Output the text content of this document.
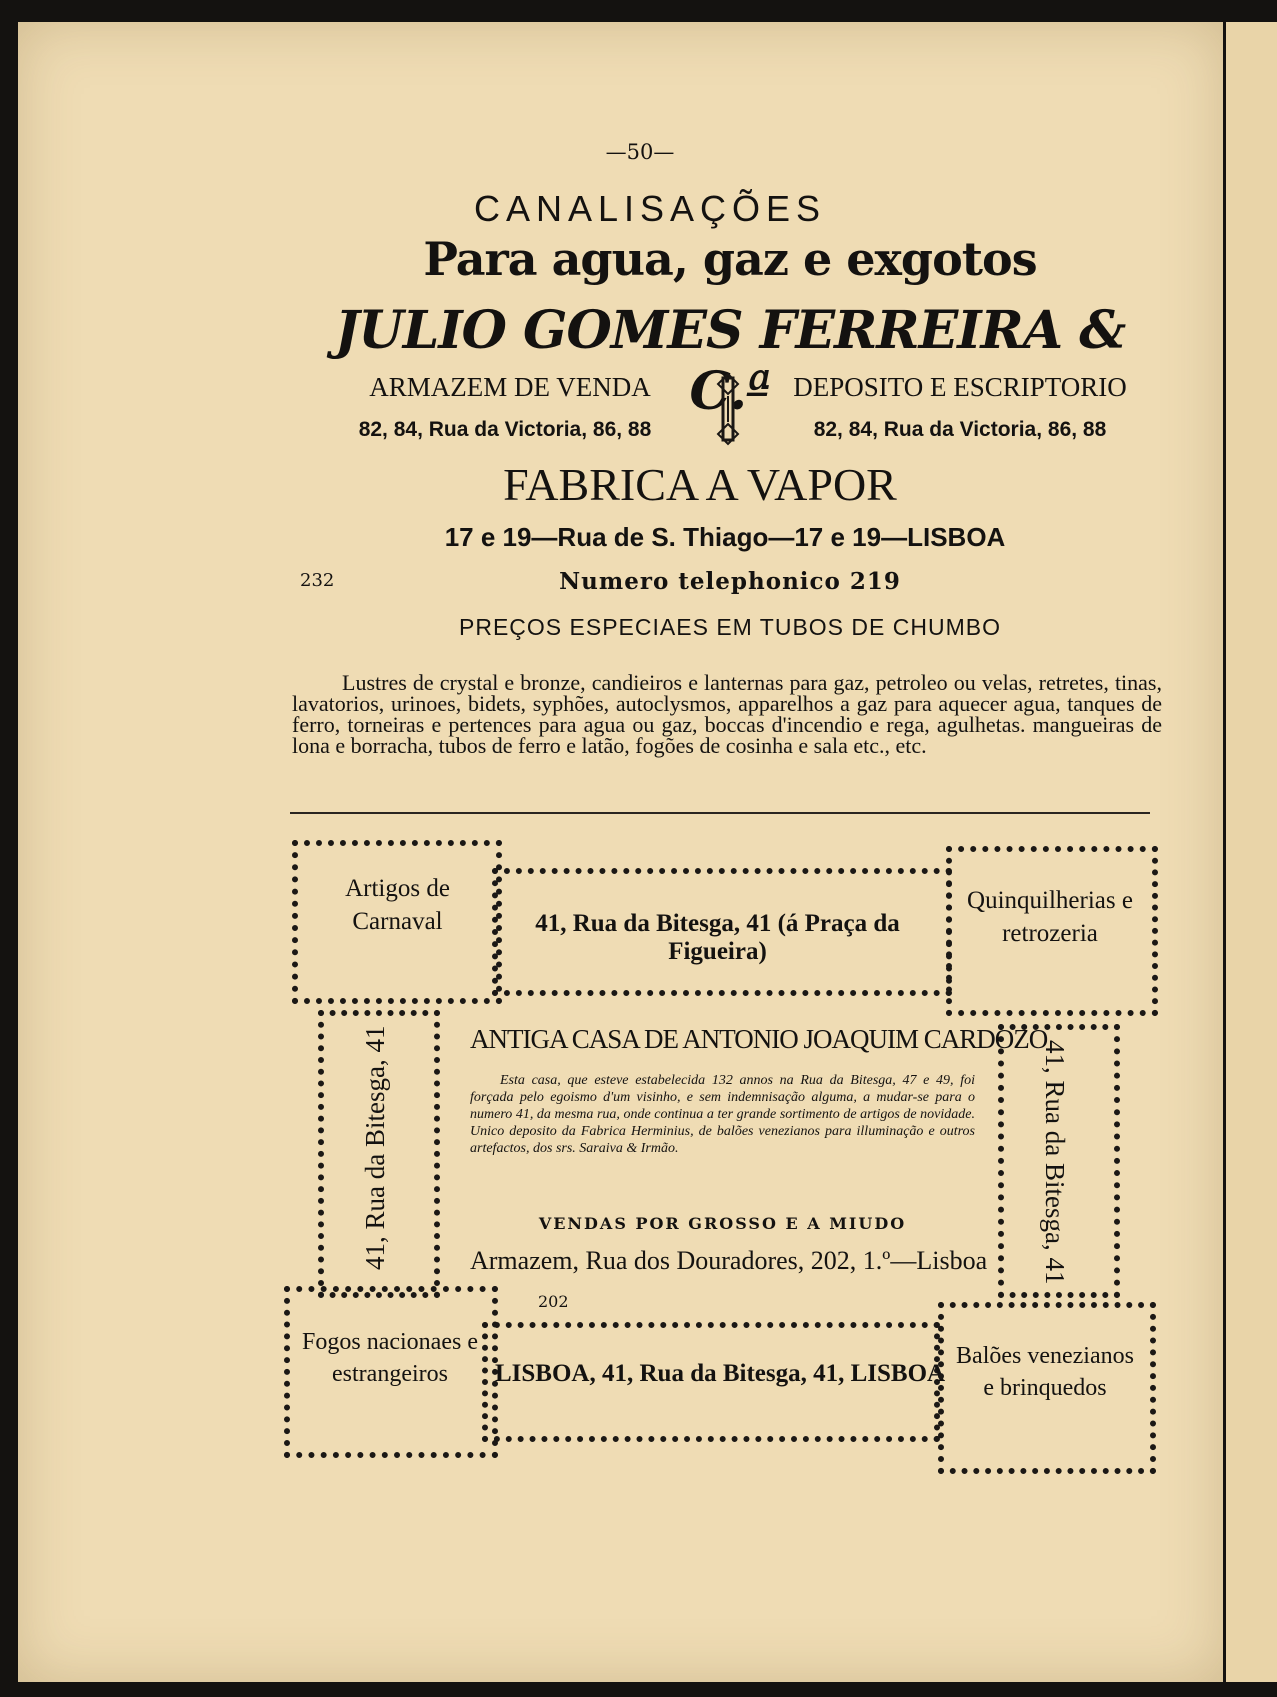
—50—
CANALISAÇÕES
Para agua, gaz e exgotos
JULIO GOMES FERREIRA & C.ª
ARMAZEM DE VENDA
82, 84, Rua da Victoria, 86, 88
DEPOSITO E ESCRIPTORIO
82, 84, Rua da Victoria, 86, 88
FABRICA A VAPOR
17 e 19—Rua de S. Thiago—17 e 19—LISBOA
232	Numero telephonico 219
PREÇOS ESPECIAES EM TUBOS DE CHUMBO
Lustres de crystal e bronze, candieiros e lanternas para gaz, petroleo ou velas, retretes, tinas, lavatorios, urinoes, bidets, syphões, autoclysmos, apparelhos a gaz para aquecer agua, tanques de ferro, torneiras e pertences para agua ou gaz, boccas d'incendio e rega, agulhetas. mangueiras de lona e borracha, tubos de ferro e latão, fogões de cosinha e sala etc., etc.
Artigos de Carnaval	41, Rua da Bitesga, 41 (á Praça da Figueira)
Quinquilherias e retrozeria
41, Rua da Bitesga, 41	41, Rua da Bitesga, 41
ANTIGA CASA DE ANTONIO JOAQUIM CARDOZO
Esta casa, que esteve estabelecida 132 annos na Rua da Bitesga, 47 e 49, foi forçada pelo egoismo d'um visinho, e sem indemnisação alguma, a mudar-se para o numero 41, da mesma rua, onde continua a ter grande sortimento de artigos de novidade. Unico deposito da Fabrica Herminius, de balões venezianos para illuminação e outros artefactos, dos srs. Saraiva & Irmão.
VENDAS POR GROSSO E A MIUDO
Armazem, Rua dos Douradores, 202, 1.º—Lisboa
202
Fogos nacionaes e estrangeiros	LISBOA, 41, Rua da Bitesga, 41, LISBOA
Balões venezianos e brinquedos
